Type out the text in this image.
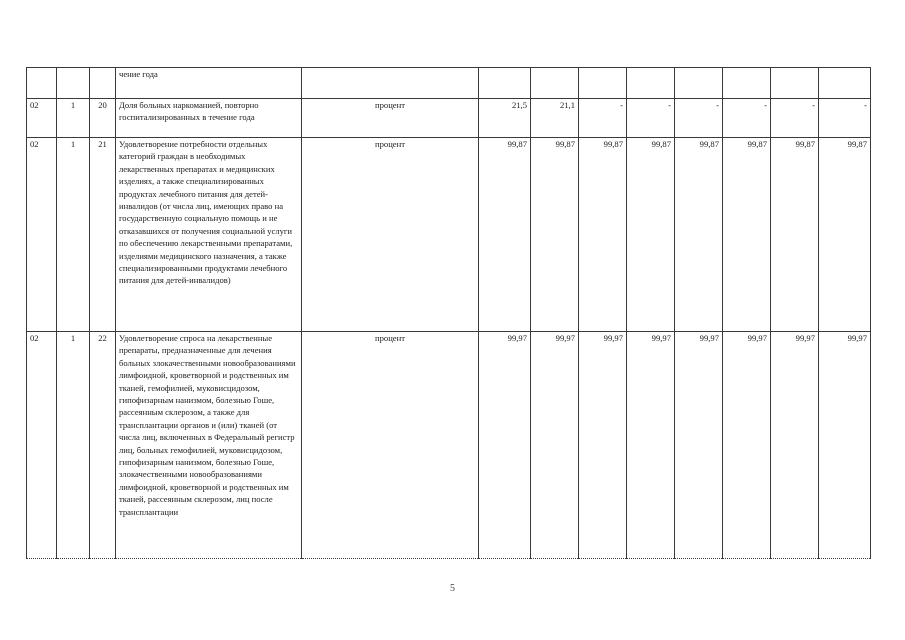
			чение года									
02	1	20	Доля больных наркоманией, повторно госпитализированных в течение года	процент	21,5	21,1	-	-	-	-	-	-
02	1	21	Удовлетворение потребности отдельных категорий граждан в необходимых лекарственных препаратах и медицинских изделиях, а также специализированных продуктах лечебного питания для детей-инвалидов (от числа лиц, имеющих право на государственную социальную помощь и не отказавшихся от получения социальной услуги по обеспечению лекарственными препаратами, изделиями медицинского назначения, а также специализированными продуктами лечебного питания для детей-инвалидов)	процент	99,87	99,87	99,87	99,87	99,87	99,87	99,87	99,87
02	1	22	Удовлетворение спроса на лекарственные препараты, предназначенные для лечения больных злокачественными новообразованиями лимфоидной, кроветворной и родственных им тканей, гемофилией, муковисцидозом, гипофизарным нанизмом, болезнью Гоше, рассеянным склерозом, а также для трансплантации органов и (или) тканей (от числа лиц, включенных в Федеральный регистр лиц, больных гемофилией, муковисцидозом, гипофизарным нанизмом, болезнью Гоше, злокачественными новообразованиями лимфоидной, кроветворной и родственных им тканей, рассеянным склерозом, лиц после трансплантации	процент	99,97	99,97	99,97	99,97	99,97	99,97	99,97	99,97
5
